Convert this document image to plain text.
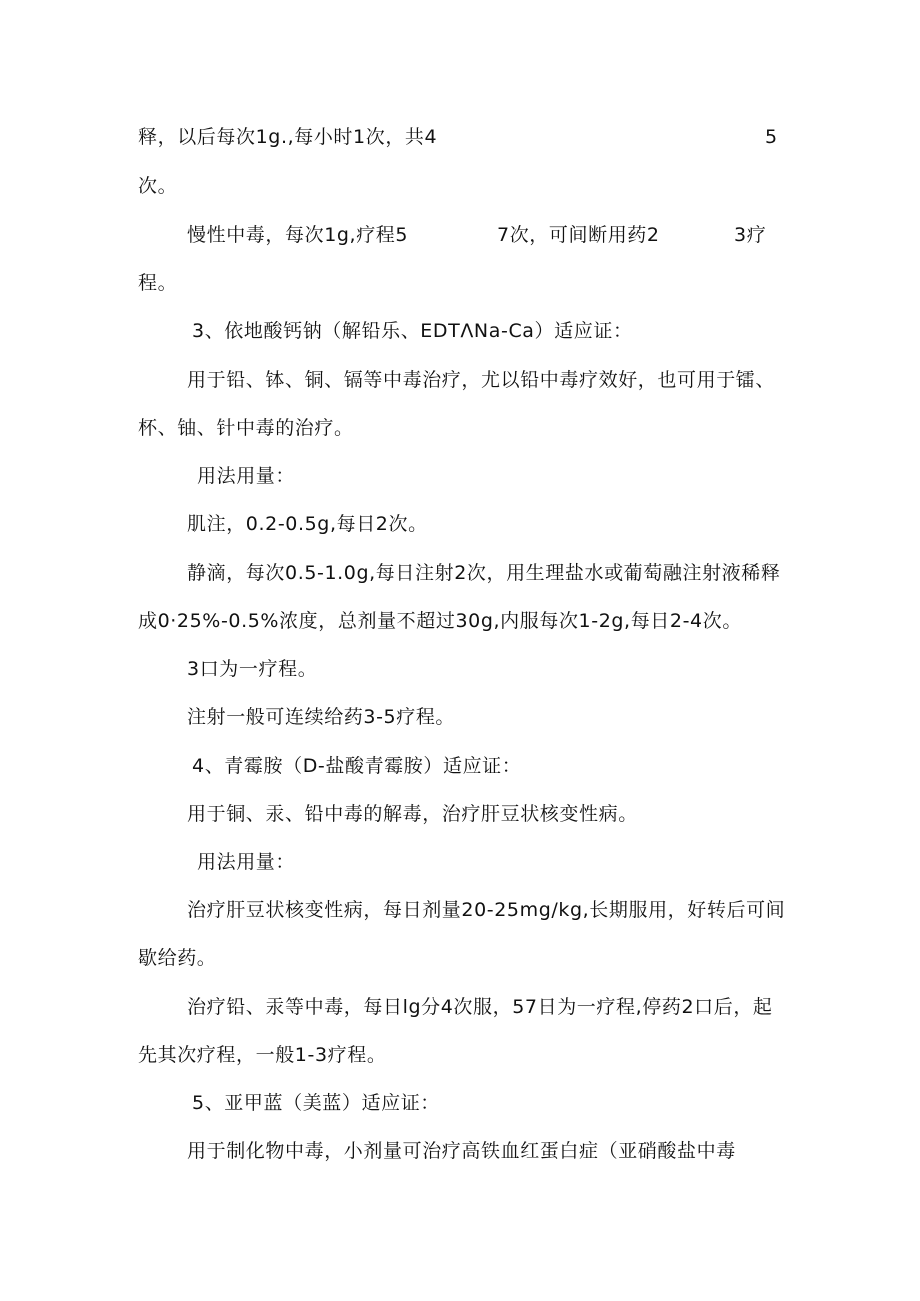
释，以后每次1g.,每小时1次，共4	5
次。
慢性中毒，每次1g,疗程5	7次，可间断用药2	3疗
程。
3、依地酸钙钠（解铅乐、EDTΛNa-Ca）适应证：
用于铅、钵、铜、镉等中毒治疗，尤以铅中毒疗效好，也可用于镭、
杯、铀、针中毒的治疗。
用法用量：
肌注，0.2-0.5g,每日2次。
静滴，每次0.5-1.0g,每日注射2次，用生理盐水或葡萄融注射液稀释
成0·25%-0.5%浓度，总剂量不超过30g,内服每次1-2g,每日2-4次。
3口为一疗程。
注射一般可连续给药3-5疗程。
4、青霉胺（D-盐酸青霉胺）适应证：
用于铜、汞、铅中毒的解毒，治疗肝豆状核变性病。
用法用量：
治疗肝豆状核变性病，每日剂量20-25mg/kg,长期服用，好转后可间
歇给药。
治疗铅、汞等中毒，每日lg分4次服，57日为一疗程,停药2口后，起
先其次疗程，一般1-3疗程。
5、亚甲蓝（美蓝）适应证：
用于制化物中毒，小剂量可治疗高铁血红蛋白症（亚硝酸盐中毒
